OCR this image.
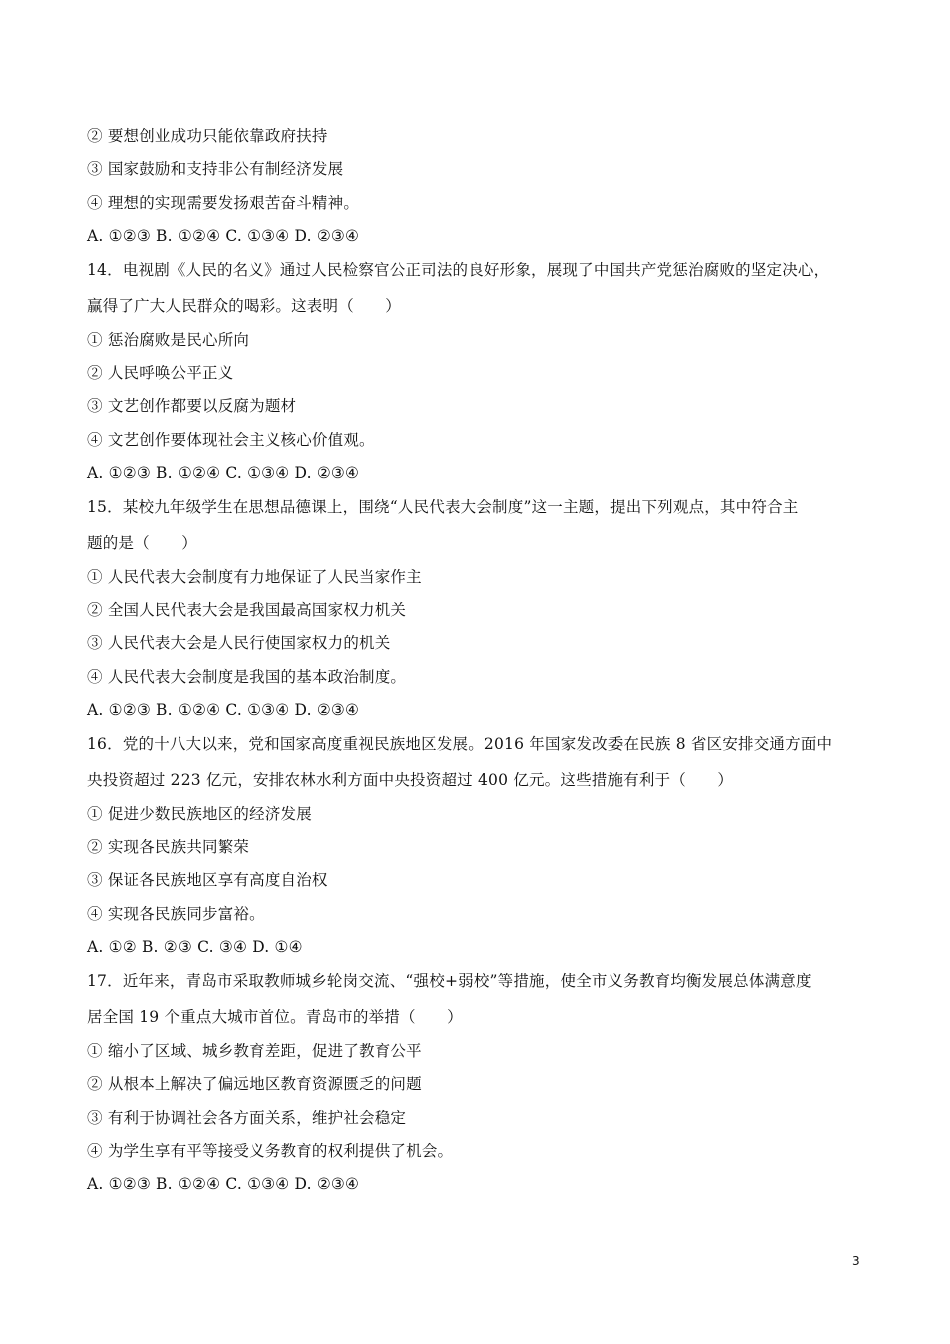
② 要想创业成功只能依靠政府扶持
③ 国家鼓励和支持非公有制经济发展
④ 理想的实现需要发扬艰苦奋斗精神。
A. ①②③ B. ①②④ C. ①③④ D. ②③④
14．电视剧《人民的名义》通过人民检察官公正司法的良好形象，展现了中国共产党惩治腐败的坚定决心，
赢得了广大人民群众的喝彩。这表明（　　）
① 惩治腐败是民心所向
② 人民呼唤公平正义
③ 文艺创作都要以反腐为题材
④ 文艺创作要体现社会主义核心价值观。
A. ①②③ B. ①②④ C. ①③④ D. ②③④
15．某校九年级学生在思想品德课上，围绕“人民代表大会制度”这一主题，提出下列观点，其中符合主
题的是（　　）
① 人民代表大会制度有力地保证了人民当家作主
② 全国人民代表大会是我国最高国家权力机关
③ 人民代表大会是人民行使国家权力的机关
④ 人民代表大会制度是我国的基本政治制度。
A. ①②③ B. ①②④ C. ①③④ D. ②③④
16．党的十八大以来，党和国家高度重视民族地区发展。2016 年国家发改委在民族 8 省区安排交通方面中
央投资超过 223 亿元，安排农林水利方面中央投资超过 400 亿元。这些措施有利于（　　）
① 促进少数民族地区的经济发展
② 实现各民族共同繁荣
③ 保证各民族地区享有高度自治权
④ 实现各民族同步富裕。
A. ①② B. ②③ C. ③④ D. ①④
17．近年来，青岛市采取教师城乡轮岗交流、“强校+弱校”等措施，使全市义务教育均衡发展总体满意度
居全国 19 个重点大城市首位。青岛市的举措（　　）
① 缩小了区域、城乡教育差距，促进了教育公平
② 从根本上解决了偏远地区教育资源匮乏的问题
③ 有利于协调社会各方面关系，维护社会稳定
④ 为学生享有平等接受义务教育的权利提供了机会。
A. ①②③ B. ①②④ C. ①③④ D. ②③④
3
